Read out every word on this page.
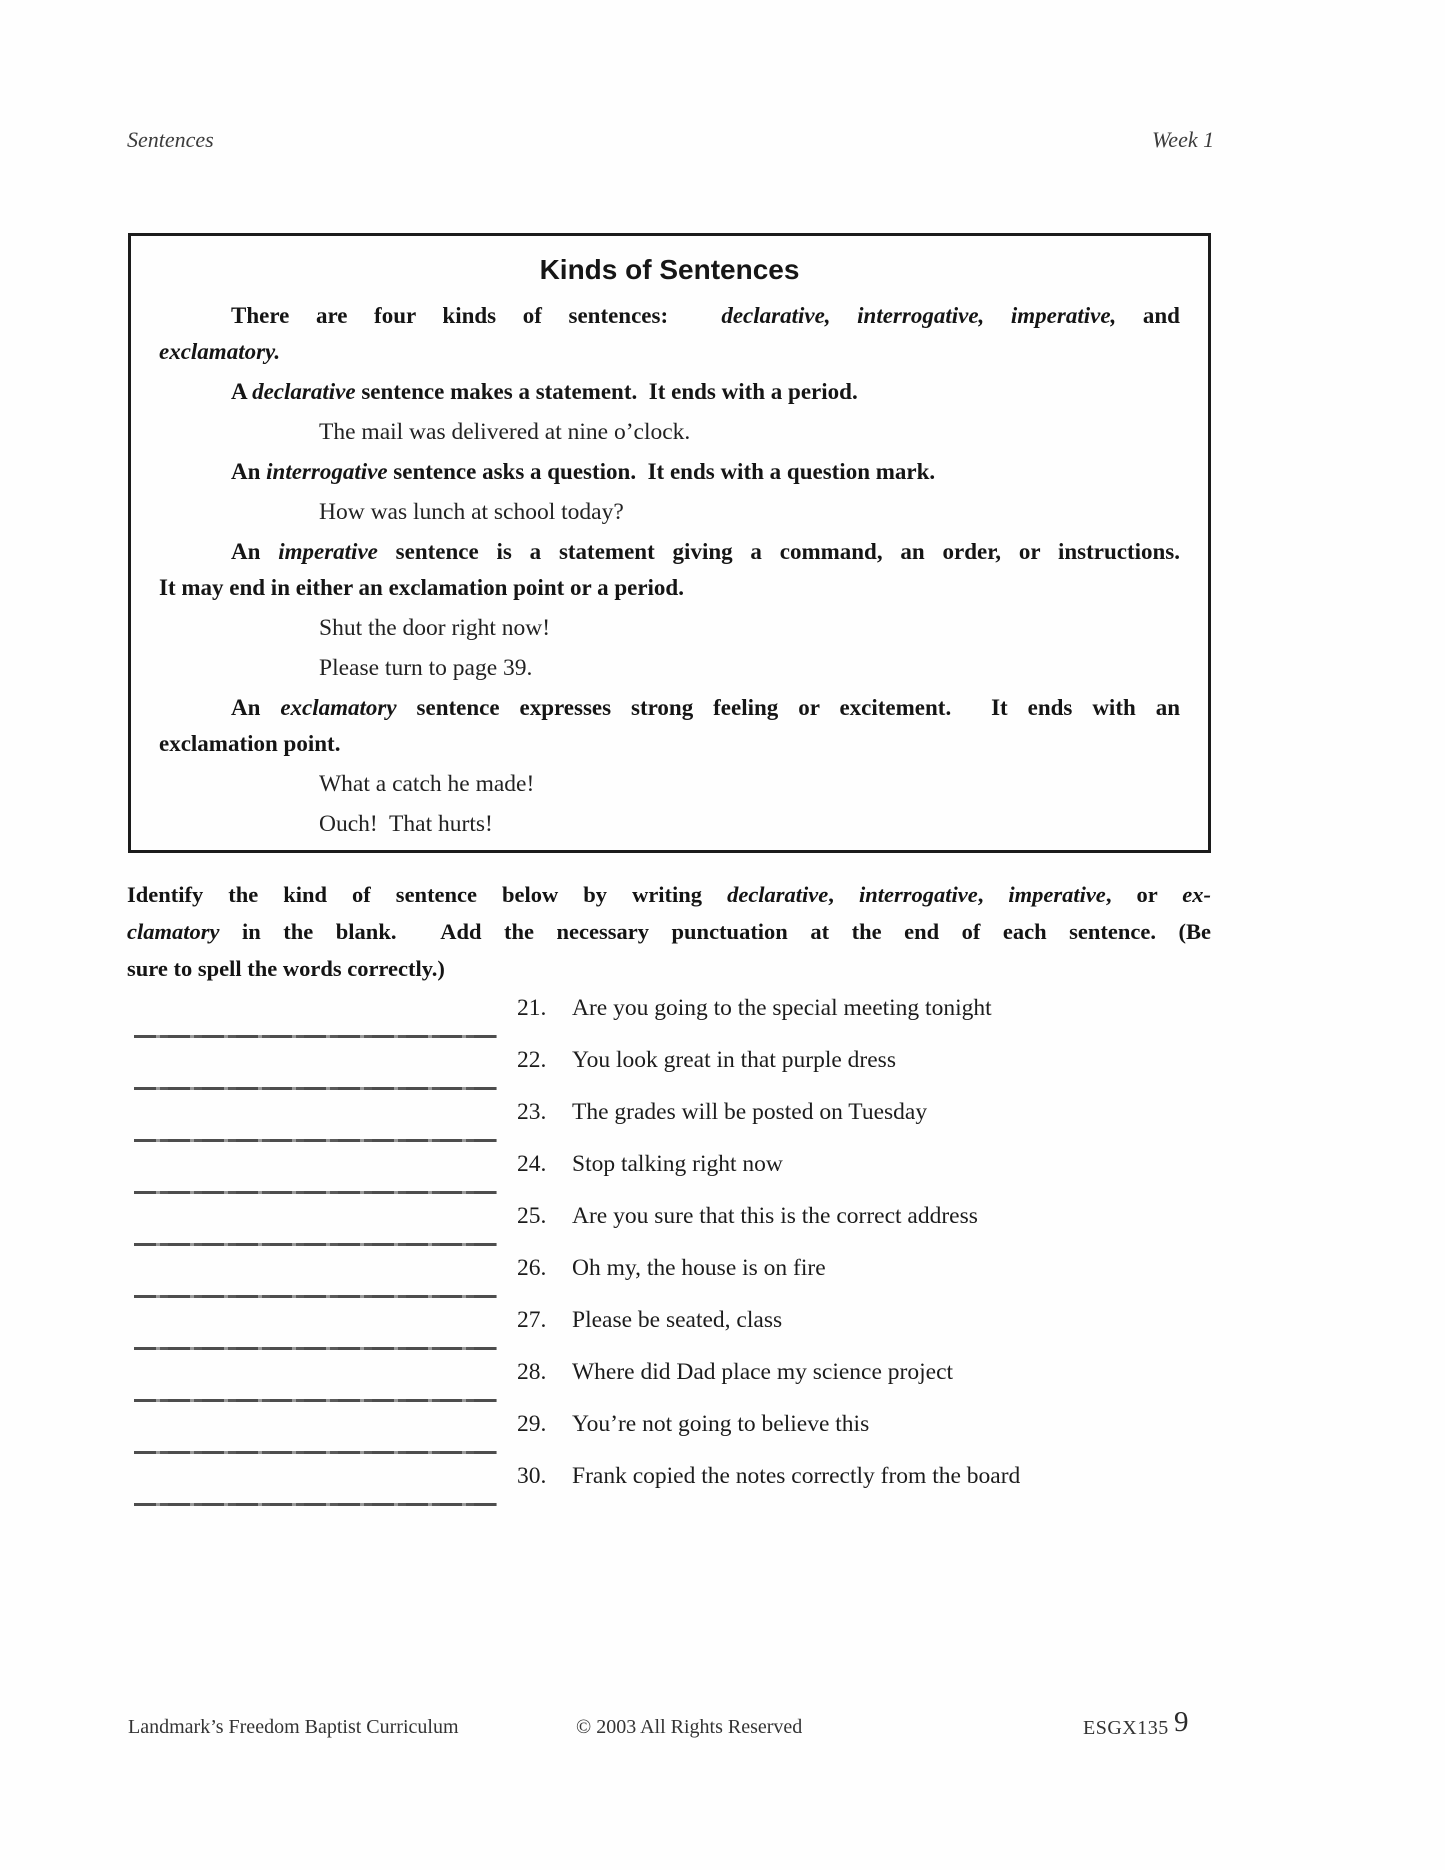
Sentences	Week 1
Kinds of Sentences

There are four kinds of sentences:  declarative, interrogative, imperative, and

exclamatory.

A declarative sentence makes a statement.  It ends with a period.

The mail was delivered at nine o’clock.

An interrogative sentence asks a question.  It ends with a question mark.

How was lunch at school today?

An imperative sentence is a statement giving a command, an order, or instructions.

It may end in either an exclamation point or a period.

Shut the door right now!

Please turn to page 39.

An exclamatory sentence expresses strong feeling or excitement.  It ends with an

exclamation point.

What a catch he made!

Ouch!  That hurts!

Identify the kind of sentence below by writing declarative, interrogative, imperative, or ex-

clamatory in the blank.  Add the necessary punctuation at the end of each sentence. (Be

sure to spell the words correctly.)

21. Are you going to the special meeting tonight
22. You look great in that purple dress
23. The grades will be posted on Tuesday
24. Stop talking right now
25. Are you sure that this is the correct address
26. Oh my, the house is on fire
27. Please be seated, class
28. Where did Dad place my science project
29. You’re not going to believe this
30. Frank copied the notes correctly from the board
Landmark’s Freedom Baptist Curriculum	© 2003 All Rights Reserved	ESGX135 9
